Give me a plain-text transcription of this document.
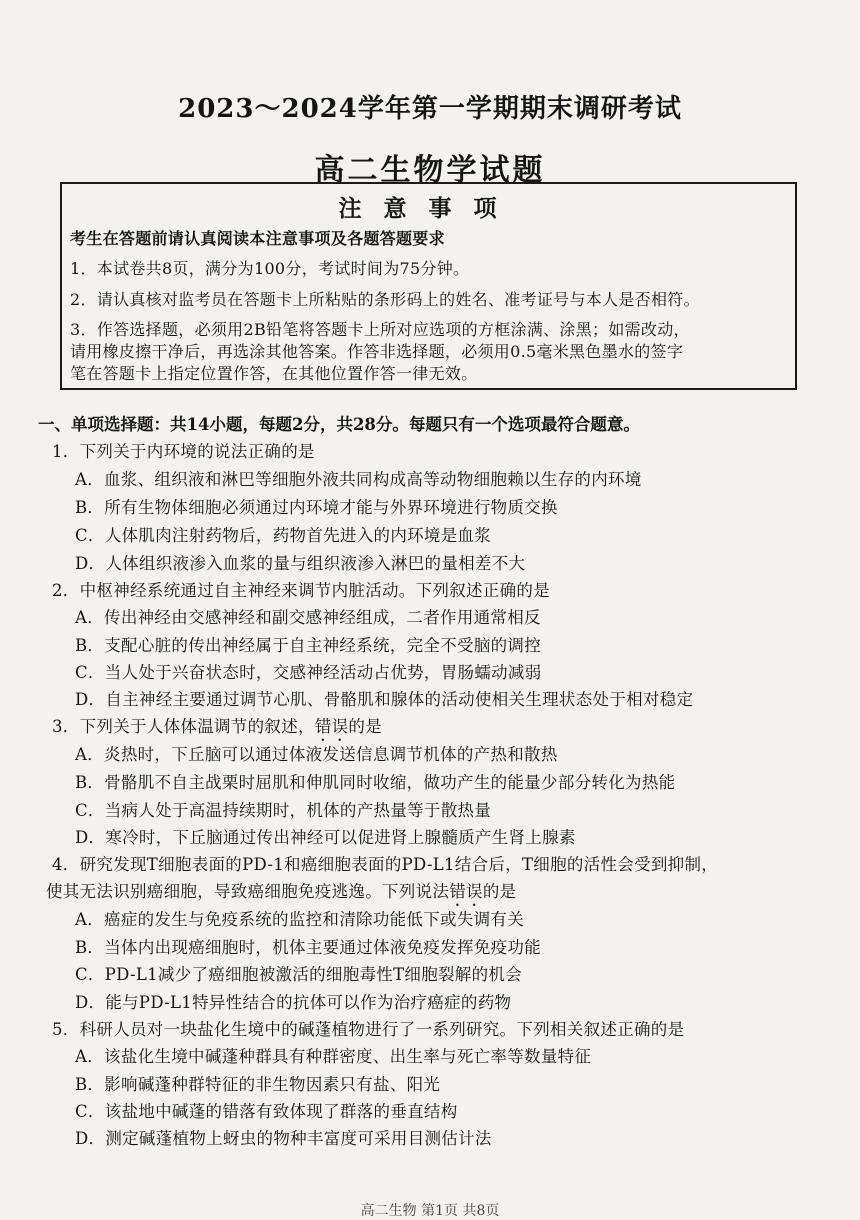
2023～2024学年第一学期期末调研考试
高二生物学试题
注意事项
考生在答题前请认真阅读本注意事项及各题答题要求
1．本试卷共8页，满分为100分，考试时间为75分钟。
2．请认真核对监考员在答题卡上所粘贴的条形码上的姓名、准考证号与本人是否相符。
3．作答选择题，必须用2B铅笔将答题卡上所对应选项的方框涂满、涂黑；如需改动，
请用橡皮擦干净后，再选涂其他答案。作答非选择题，必须用0.5毫米黑色墨水的签字
笔在答题卡上指定位置作答，在其他位置作答一律无效。
一、单项选择题：共14小题，每题2分，共28分。每题只有一个选项最符合题意。
1．下列关于内环境的说法正确的是
A．血浆、组织液和淋巴等细胞外液共同构成高等动物细胞赖以生存的内环境
B．所有生物体细胞必须通过内环境才能与外界环境进行物质交换
C．人体肌肉注射药物后，药物首先进入的内环境是血浆
D．人体组织液渗入血浆的量与组织液渗入淋巴的量相差不大
2．中枢神经系统通过自主神经来调节内脏活动。下列叙述正确的是
A．传出神经由交感神经和副交感神经组成，二者作用通常相反
B．支配心脏的传出神经属于自主神经系统，完全不受脑的调控
C．当人处于兴奋状态时，交感神经活动占优势，胃肠蠕动减弱
D．自主神经主要通过调节心肌、骨骼肌和腺体的活动使相关生理状态处于相对稳定
3．下列关于人体体温调节的叙述，错误的是
A．炎热时，下丘脑可以通过体液发送信息调节机体的产热和散热
B．骨骼肌不自主战栗时屈肌和伸肌同时收缩，做功产生的能量少部分转化为热能
C．当病人处于高温持续期时，机体的产热量等于散热量
D．寒冷时，下丘脑通过传出神经可以促进肾上腺髓质产生肾上腺素
4．研究发现T细胞表面的PD-1和癌细胞表面的PD-L1结合后，T细胞的活性会受到抑制，
使其无法识别癌细胞，导致癌细胞免疫逃逸。下列说法错误的是
A．癌症的发生与免疫系统的监控和清除功能低下或失调有关
B．当体内出现癌细胞时，机体主要通过体液免疫发挥免疫功能
C．PD-L1减少了癌细胞被激活的细胞毒性T细胞裂解的机会
D．能与PD-L1特异性结合的抗体可以作为治疗癌症的药物
5．科研人员对一块盐化生境中的碱蓬植物进行了一系列研究。下列相关叙述正确的是
A．该盐化生境中碱蓬种群具有种群密度、出生率与死亡率等数量特征
B．影响碱蓬种群特征的非生物因素只有盐、阳光
C．该盐地中碱蓬的错落有致体现了群落的垂直结构
D．测定碱蓬植物上蚜虫的物种丰富度可采用目测估计法
高二生物 第1页 共8页
